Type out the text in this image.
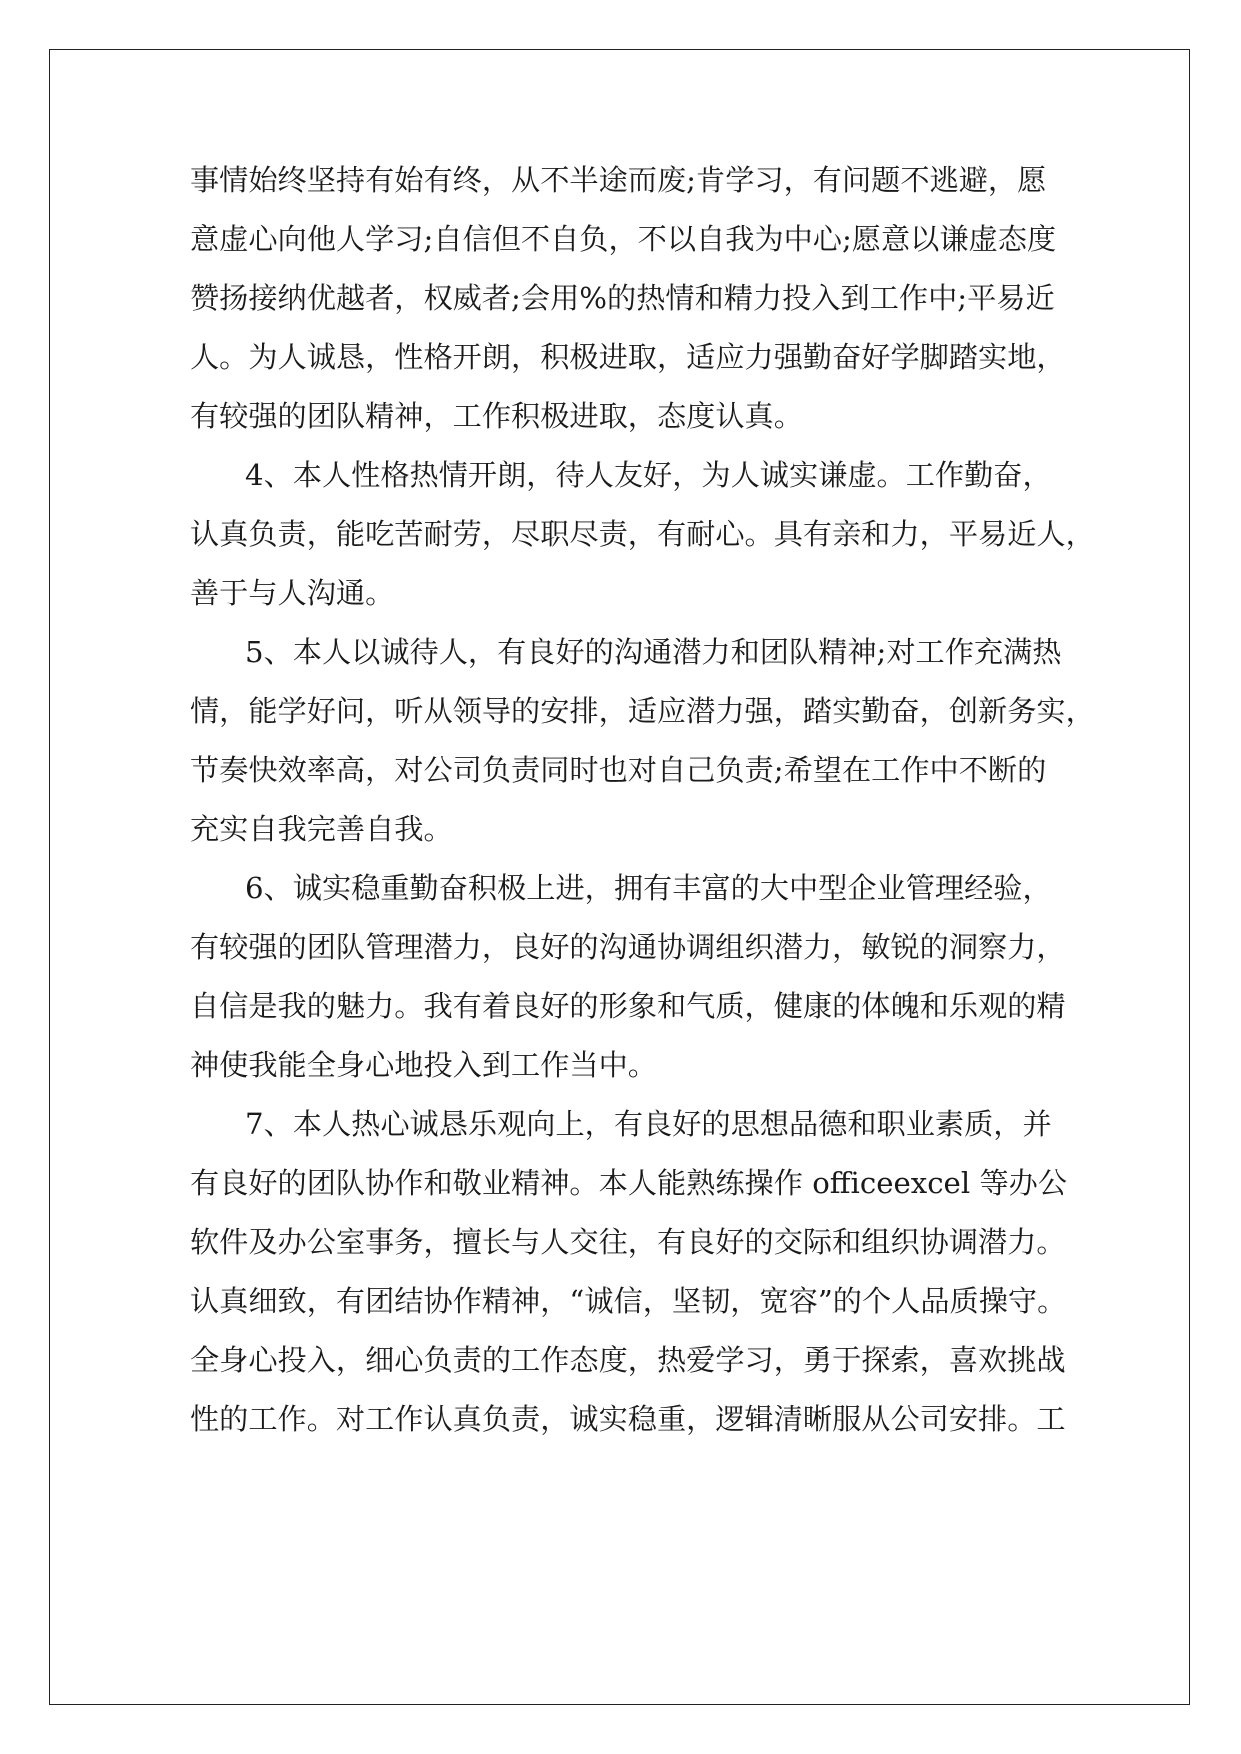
事情始终坚持有始有终，从不半途而废;肯学习，有问题不逃避，愿
意虚心向他人学习;自信但不自负，不以自我为中心;愿意以谦虚态度
赞扬接纳优越者，权威者;会用%的热情和精力投入到工作中;平易近
人。为人诚恳，性格开朗，积极进取，适应力强勤奋好学脚踏实地，
有较强的团队精神，工作积极进取，态度认真。
4、本人性格热情开朗，待人友好，为人诚实谦虚。工作勤奋，
认真负责，能吃苦耐劳，尽职尽责，有耐心。具有亲和力，平易近人，
善于与人沟通。
5、本人以诚待人，有良好的沟通潜力和团队精神;对工作充满热
情，能学好问，听从领导的安排，适应潜力强，踏实勤奋，创新务实，
节奏快效率高，对公司负责同时也对自己负责;希望在工作中不断的
充实自我完善自我。
6、诚实稳重勤奋积极上进，拥有丰富的大中型企业管理经验，
有较强的团队管理潜力，良好的沟通协调组织潜力，敏锐的洞察力，
自信是我的魅力。我有着良好的形象和气质，健康的体魄和乐观的精
神使我能全身心地投入到工作当中。
7、本人热心诚恳乐观向上，有良好的思想品德和职业素质，并
有良好的团队协作和敬业精神。本人能熟练操作 officeexcel 等办公
软件及办公室事务，擅长与人交往，有良好的交际和组织协调潜力。
认真细致，有团结协作精神，“诚信，坚韧，宽容”的个人品质操守。
全身心投入，细心负责的工作态度，热爱学习，勇于探索，喜欢挑战
性的工作。对工作认真负责，诚实稳重，逻辑清晰服从公司安排。工
